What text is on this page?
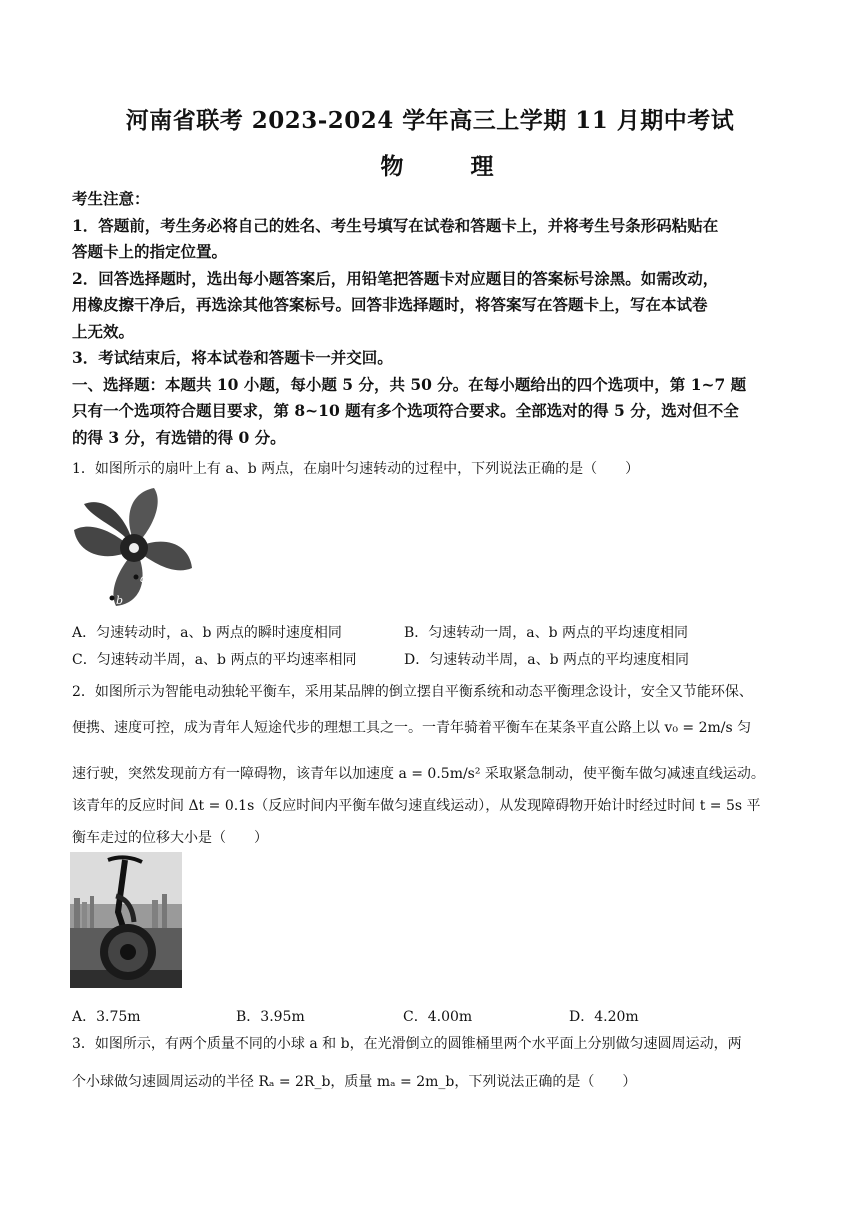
河南省联考 2023-2024 学年高三上学期 11 月期中考试
物　理
考生注意：
1．答题前，考生务必将自己的姓名、考生号填写在试卷和答题卡上，并将考生号条形码粘贴在
答题卡上的指定位置。
2．回答选择题时，选出每小题答案后，用铅笔把答题卡对应题目的答案标号涂黑。如需改动，
用橡皮擦干净后，再选涂其他答案标号。回答非选择题时，将答案写在答题卡上，写在本试卷
上无效。
3．考试结束后，将本试卷和答题卡一并交回。
一、选择题：本题共 10 小题，每小题 5 分，共 50 分。在每小题给出的四个选项中，第 1~7 题
只有一个选项符合题目要求，第 8~10 题有多个选项符合要求。全部选对的得 5 分，选对但不全
的得 3 分，有选错的得 0 分。
1．如图所示的扇叶上有 a、b 两点，在扇叶匀速转动的过程中，下列说法正确的是（　　）
a
b
A．匀速转动时，a、b 两点的瞬时速度相同	B．匀速转动一周，a、b 两点的平均速度相同
C．匀速转动半周，a、b 两点的平均速率相同	D．匀速转动半周，a、b 两点的平均速度相同
2．如图所示为智能电动独轮平衡车，采用某品牌的倒立摆自平衡系统和动态平衡理念设计，安全又节能环保、
便携、速度可控，成为青年人短途代步的理想工具之一。一青年骑着平衡车在某条平直公路上以 v₀ = 2m/s 匀
速行驶，突然发现前方有一障碍物，该青年以加速度 a = 0.5m/s² 采取紧急制动，使平衡车做匀减速直线运动。
该青年的反应时间 Δt = 0.1s（反应时间内平衡车做匀速直线运动），从发现障碍物开始计时经过时间 t = 5s 平
衡车走过的位移大小是（　　）
A．3.75m	B．3.95m	C．4.00m	D．4.20m
3．如图所示，有两个质量不同的小球 a 和 b，在光滑倒立的圆锥桶里两个水平面上分别做匀速圆周运动，两
个小球做匀速圆周运动的半径 Rₐ = 2R_b，质量 mₐ = 2m_b，下列说法正确的是（　　）
